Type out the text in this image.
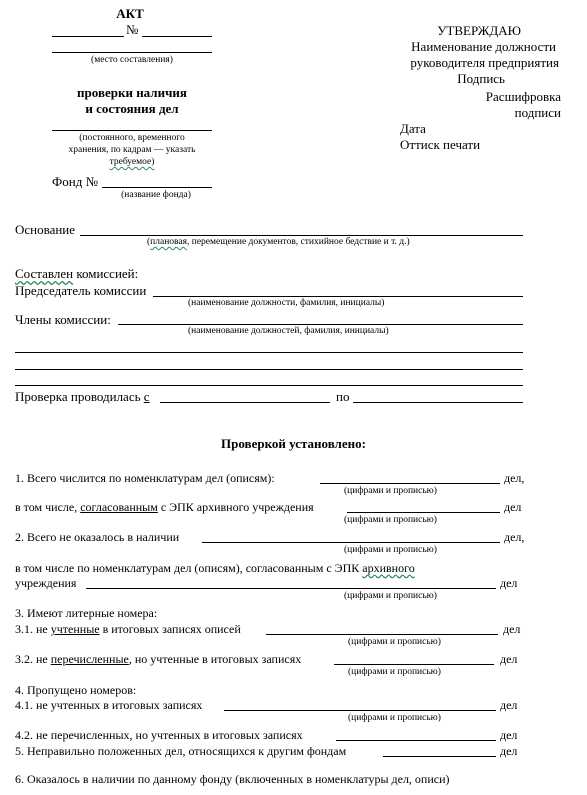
АКТ
№
(место составления)
проверки наличия
и состояния дел
(постоянного, временного
хранения, по кадрам — указать
требуемое)
Фонд №
(название фонда)
УТВЕРЖДАЮ
Наименование должности
руководителя предприятия
Подпись
Расшифровка
подписи
Дата
Оттиск печати
Основание
(плановая, перемещение документов, стихийное бедствие и т. д.)
Составлен комиссией:
Председатель комиссии
(наименование должности, фамилия, инициалы)
Члены комиссии:
(наименование должностей, фамилия, инициалы)
Проверка проводилась с	по
Проверкой установлено:
1. Всего числится по номенклатурам дел (описям):	дел,
(цифрами и прописью)
в том числе, согласованным с ЭПК архивного учреждения	дел
(цифрами и прописью)
2. Всего не оказалось в наличии	дел,
(цифрами и прописью)
в том числе по номенклатурам дел (описям), согласованным с ЭПК архивного
учреждения	дел
(цифрами и прописью)
3. Имеют литерные номера:
3.1. не учтенные в итоговых записях описей	дел
(цифрами и прописью)
3.2. не перечисленные, но учтенные в итоговых записях	дел
(цифрами и прописью)
4. Пропущено номеров:
4.1. не учтенных в итоговых записях	дел
(цифрами и прописью)
4.2. не перечисленных, но учтенных в итоговых записях	дел
5. Неправильно положенных дел, относящихся к другим фондам	дел
6. Оказалось в наличии по данному фонду (включенных в номенклатуры дел, описи)
